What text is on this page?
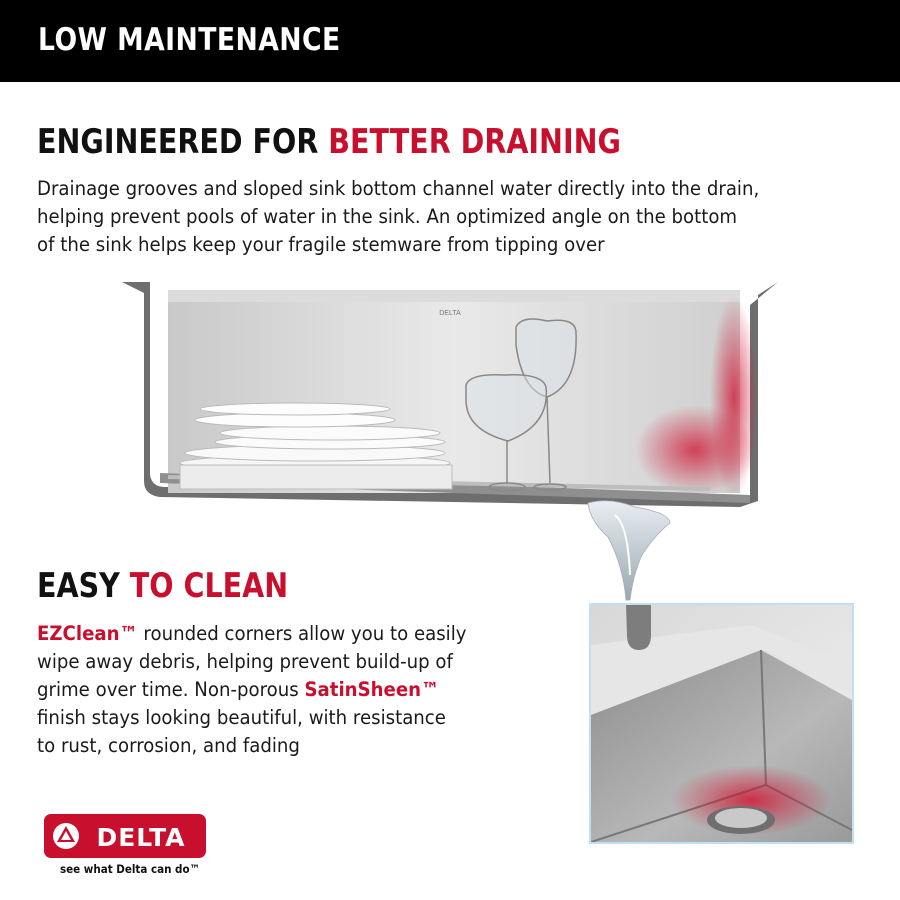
LOW MAINTENANCE
ENGINEERED FOR BETTER DRAINING
Drainage grooves and sloped sink bottom channel water directly into the drain,
helping prevent pools of water in the sink. An optimized angle on the bottom
of the sink helps keep your fragile stemware from tipping over
DELTA
EASY TO CLEAN
EZClean™ rounded corners allow you to easily
wipe away debris, helping prevent build-up of
grime over time. Non-porous SatinSheen™
finish stays looking beautiful, with resistance
to rust, corrosion, and fading
DELTA
see what Delta can do™
